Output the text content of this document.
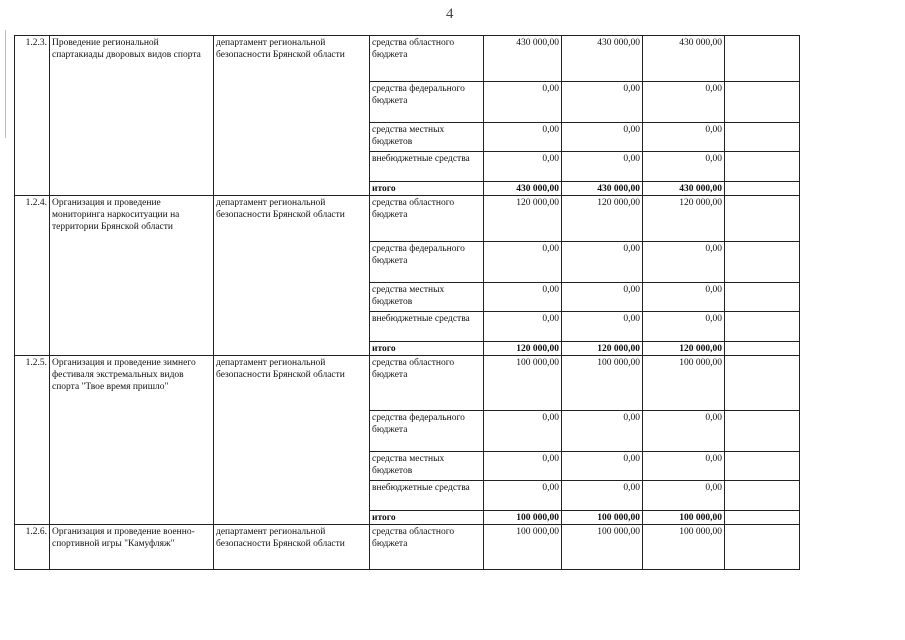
4
1.2.3.	Проведение региональной спартакиады дворовых видов спорта	департамент региональной безопасности Брянской области	средства областного бюджета	430 000,00	430 000,00	430 000,00	
			средства федерального бюджета	0,00	0,00	0,00	
			средства местных бюджетов	0,00	0,00	0,00	
			внебюджетные средства	0,00	0,00	0,00	
			итого	430 000,00	430 000,00	430 000,00	
1.2.4.	Организация и проведение мониторинга наркоситуации на территории Брянской области	департамент региональной безопасности Брянской области	средства областного бюджета	120 000,00	120 000,00	120 000,00	
			средства федерального бюджета	0,00	0,00	0,00	
			средства местных бюджетов	0,00	0,00	0,00	
			внебюджетные средства	0,00	0,00	0,00	
			итого	120 000,00	120 000,00	120 000,00	
1.2.5.	Организация и проведение зимнего фестиваля экстремальных видов спорта "Твое время пришло"	департамент региональной безопасности Брянской области	средства областного бюджета	100 000,00	100 000,00	100 000,00	
			средства федерального бюджета	0,00	0,00	0,00	
			средства местных бюджетов	0,00	0,00	0,00	
			внебюджетные средства	0,00	0,00	0,00	
			итого	100 000,00	100 000,00	100 000,00	
1.2.6.	Организация и проведение военно-спортивной игры "Камуфляж"	департамент региональной безопасности Брянской области	средства областного бюджета	100 000,00	100 000,00	100 000,00	
